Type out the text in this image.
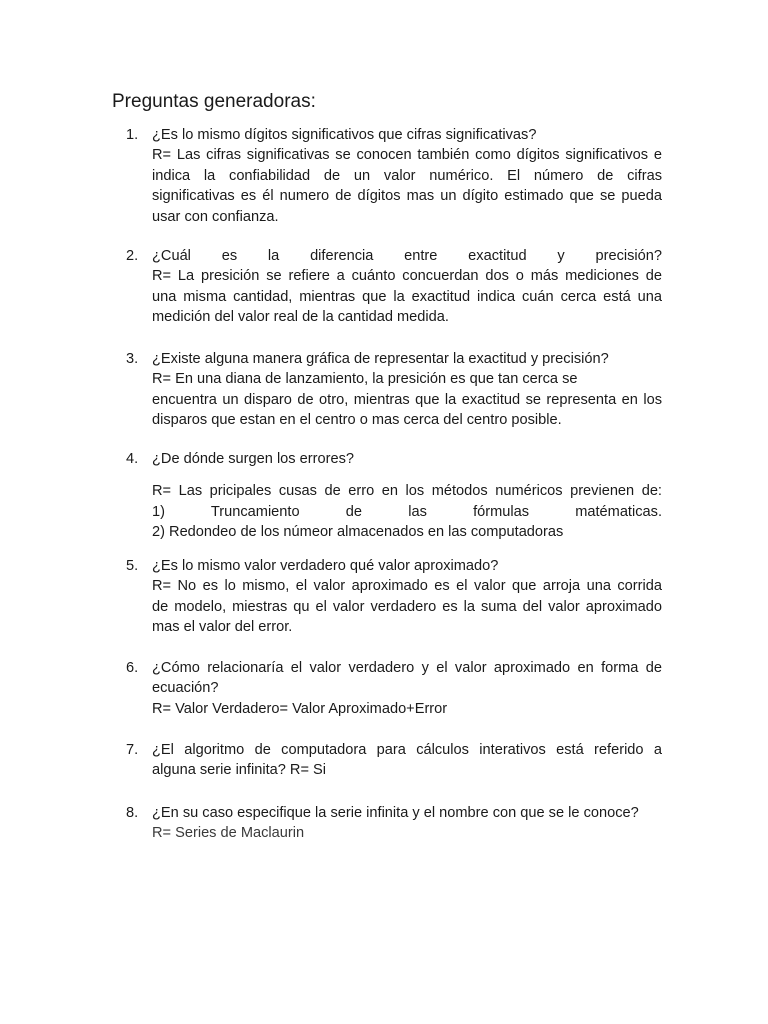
Preguntas generadoras:
1. ¿Es lo mismo dígitos significativos que cifras significativas?
R= Las cifras significativas se conocen también como dígitos significativos e
indica la confiabilidad de un valor numérico. El número de cifras
significativas es él numero de dígitos mas un dígito estimado que se pueda
usar con confianza.
2. ¿Cuál es la diferencia entre exactitud y precisión?
R= La presición se refiere a cuánto concuerdan dos o más mediciones de
una misma cantidad, mientras que la exactitud indica cuán cerca está una
medición del valor real de la cantidad medida.
3. ¿Existe alguna manera gráfica de representar la exactitud y precisión?
R= En una diana de lanzamiento, la presición es que tan cerca se
encuentra un disparo de otro, mientras que la exactitud se representa en los
disparos que estan en el centro o mas cerca del centro posible.
4. ¿De dónde surgen los errores?
R= Las pricipales cusas de erro en los métodos numéricos previenen de:
1) Truncamiento de las fórmulas matématicas.
2) Redondeo de los númeor almacenados en las computadoras
5. ¿Es lo mismo valor verdadero qué valor aproximado?
R= No es lo mismo, el valor aproximado es el valor que arroja una corrida
de modelo, miestras qu el valor verdadero es la suma del valor aproximado
mas el valor del error.
6. ¿Cómo relacionaría el valor verdadero y el valor aproximado en forma de
ecuación?
R= Valor Verdadero= Valor Aproximado+Error
7. ¿El algoritmo de computadora para cálculos interativos está referido a
alguna serie infinita? R= Si
8. ¿En su caso especifique la serie infinita y el nombre con que se le conoce?
R= Series de Maclaurin
